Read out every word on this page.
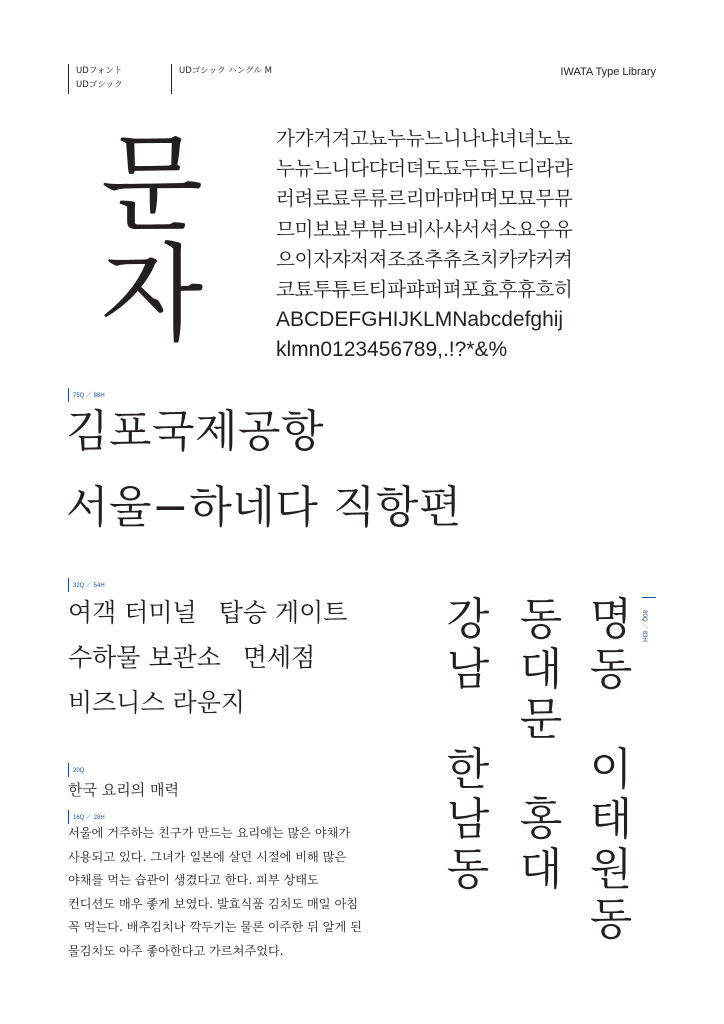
UDフォント
UDゴシック
UDゴシック ハングル M	IWATA Type Library
문
자
가갸거겨고뇨누뉴느니나냐녀녀노뇨
누뉴느니다댜더뎌도됴두듀드디라랴
러려로료루류르리마먀머며모묘무뮤
므미보뵤부뷰브비사샤서셔소요우유
으이자쟈저져조죠추츄츠치카캬커켜
코툐투튜트티파퍄퍼펴포효후휴흐히
ABCDEFGHIJKLMNabcdefghij
klmn0123456789,.!?*&%
75Q ／ 88H
김포국제공항
서울−하네다 직항편
32Q ／ 54H
여객 터미널 탑승 게이트
수하물 보관소 면세점
비즈니스 라운지
강
남

한
남
동
동
대
문

홍
대
명
동

이
태
원
동
80Q ／ 83H
20Q
한국 요리의 매력
16Q ／ 28H
서울에 거주하는 친구가 만드는 요리에는 많은 야채가
사용되고 있다. 그녀가 일본에 살던 시절에 비해 많은
야채를 먹는 습관이 생겼다고 한다. 피부 상태도
컨디션도 매우 좋게 보였다. 발효식품 김치도 매일 아침
꼭 먹는다. 배추김치나 깍두기는 물론 이주한 뒤 알게 된
물김치도 아주 좋아한다고 가르쳐주었다.
